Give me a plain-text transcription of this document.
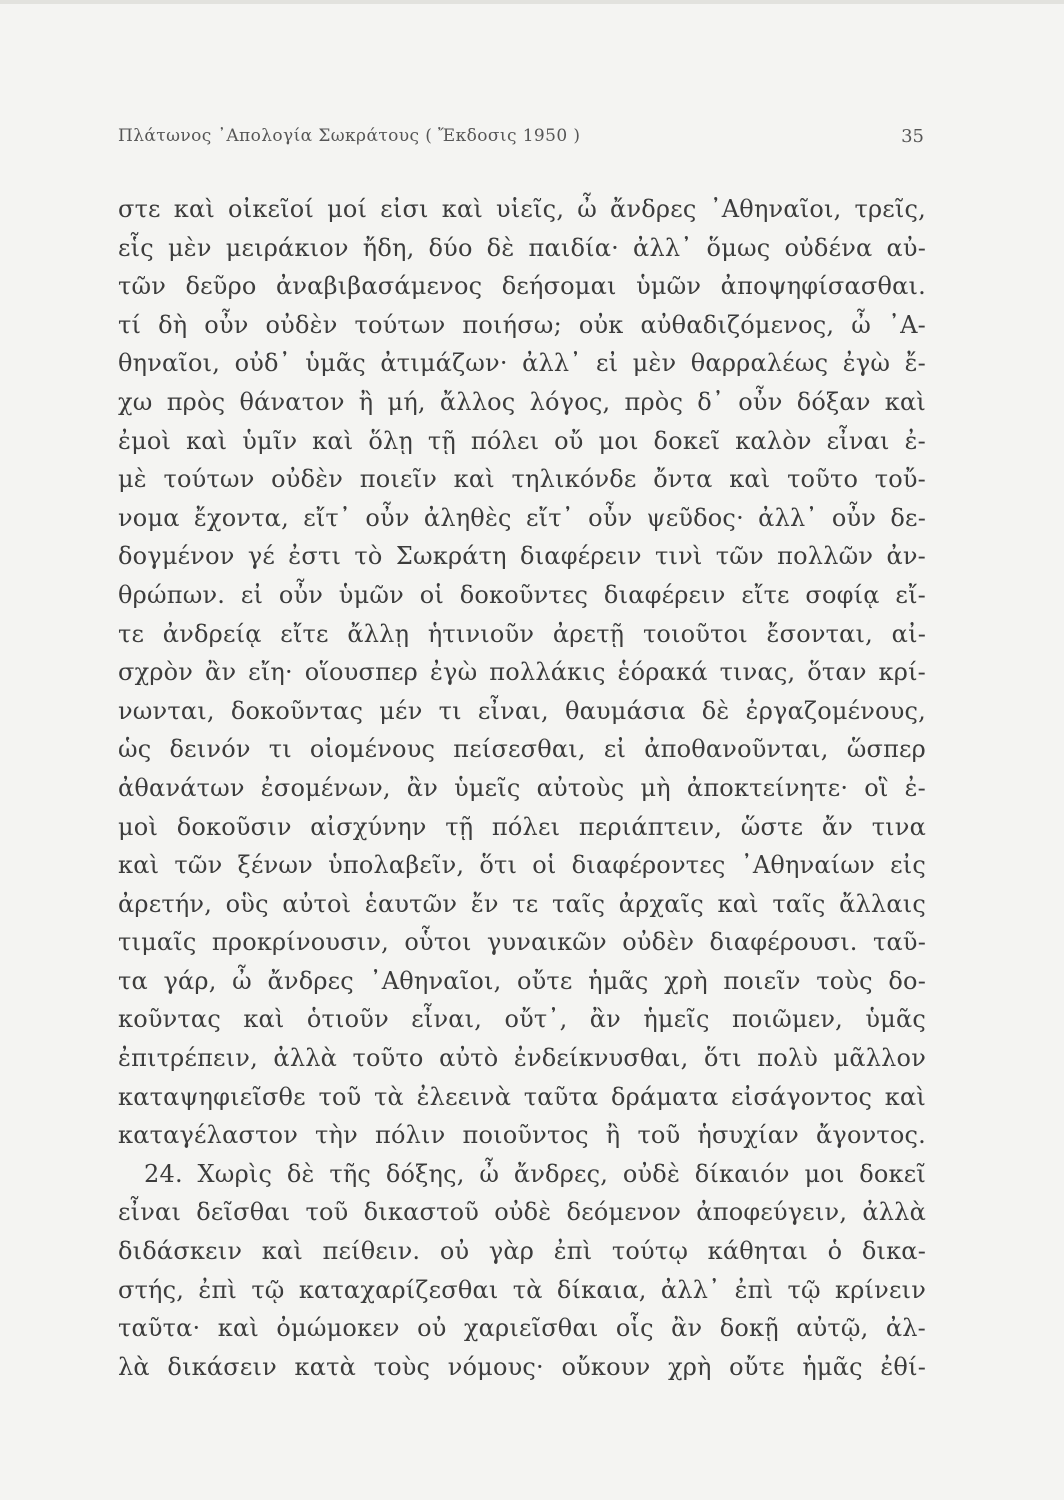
Πλάτωνος ᾿Απολογία Σωκράτους ( Ἔκδοσις 1950 )	35
στε καὶ οἰκεῖοί μοί εἰσι καὶ υἱεῖς, ὦ ἄνδρες ᾿Αθηναῖοι, τρεῖς,
εἷς μὲν μειράκιον ἤδη, δύο δὲ παιδία· ἀλλ᾿ ὅμως οὐδένα αὐ-
τῶν δεῦρο ἀναβιβασάμενος δεήσομαι ὑμῶν ἀποψηφίσασθαι.
τί δὴ οὖν οὐδὲν τούτων ποιήσω; οὐκ αὐθαδιζόμενος, ὦ ᾿Α-
θηναῖοι, οὐδ᾿ ὑμᾶς ἀτιμάζων· ἀλλ᾿ εἰ μὲν θαρραλέως ἐγὼ ἔ-
χω πρὸς θάνατον ἢ μή, ἄλλος λόγος, πρὸς δ᾿ οὖν δόξαν καὶ
ἐμοὶ καὶ ὑμῖν καὶ ὅλῃ τῇ πόλει οὔ μοι δοκεῖ καλὸν εἶναι ἐ-
μὲ τούτων οὐδὲν ποιεῖν καὶ τηλικόνδε ὄντα καὶ τοῦτο τοὔ-
νομα ἔχοντα, εἴτ᾿ οὖν ἀληθὲς εἴτ᾿ οὖν ψεῦδος· ἀλλ᾿ οὖν δε-
δογμένον γέ ἐστι τὸ Σωκράτη διαφέρειν τινὶ τῶν πολλῶν ἀν-
θρώπων. εἰ οὖν ὑμῶν οἱ δοκοῦντες διαφέρειν εἴτε σοφίᾳ εἴ-
τε ἀνδρείᾳ εἴτε ἄλλῃ ἡτινιοῦν ἀρετῇ τοιοῦτοι ἔσονται, αἰ-
σχρὸν ἂν εἴη· οἵουσπερ ἐγὼ πολλάκις ἑόρακά τινας, ὅταν κρί-
νωνται, δοκοῦντας μέν τι εἶναι, θαυμάσια δὲ ἐργαζομένους,
ὡς δεινόν τι οἰομένους πείσεσθαι, εἰ ἀποθανοῦνται, ὥσπερ
ἀθανάτων ἐσομένων, ἂν ὑμεῖς αὐτοὺς μὴ ἀποκτείνητε· οἳ ἐ-
μοὶ δοκοῦσιν αἰσχύνην τῇ πόλει περιάπτειν, ὥστε ἄν τινα
καὶ τῶν ξένων ὑπολαβεῖν, ὅτι οἱ διαφέροντες ᾿Αθηναίων εἰς
ἀρετήν, οὓς αὐτοὶ ἑαυτῶν ἔν τε ταῖς ἀρχαῖς καὶ ταῖς ἄλλαις
τιμαῖς προκρίνουσιν, οὗτοι γυναικῶν οὐδὲν διαφέρουσι. ταῦ-
τα γάρ, ὦ ἄνδρες ᾿Αθηναῖοι, οὔτε ἡμᾶς χρὴ ποιεῖν τοὺς δο-
κοῦντας καὶ ὁτιοῦν εἶναι, οὔτ᾿, ἂν ἡμεῖς ποιῶμεν, ὑμᾶς
ἐπιτρέπειν, ἀλλὰ τοῦτο αὐτὸ ἐνδείκνυσθαι, ὅτι πολὺ μᾶλλον
καταψηφιεῖσθε τοῦ τὰ ἐλεεινὰ ταῦτα δράματα εἰσάγοντος καὶ
καταγέλαστον τὴν πόλιν ποιοῦντος ἢ τοῦ ἡσυχίαν ἄγοντος.
24. Χωρὶς δὲ τῆς δόξης, ὦ ἄνδρες, οὐδὲ δίκαιόν μοι δοκεῖ
εἶναι δεῖσθαι τοῦ δικαστοῦ οὐδὲ δεόμενον ἀποφεύγειν, ἀλλὰ
διδάσκειν καὶ πείθειν. οὐ γὰρ ἐπὶ τούτῳ κάθηται ὁ δικα-
στής, ἐπὶ τῷ καταχαρίζεσθαι τὰ δίκαια, ἀλλ᾿ ἐπὶ τῷ κρίνειν
ταῦτα· καὶ ὀμώμοκεν οὐ χαριεῖσθαι οἷς ἂν δοκῇ αὐτῷ, ἀλ-
λὰ δικάσειν κατὰ τοὺς νόμους· οὔκουν χρὴ οὔτε ἡμᾶς ἐθί-
